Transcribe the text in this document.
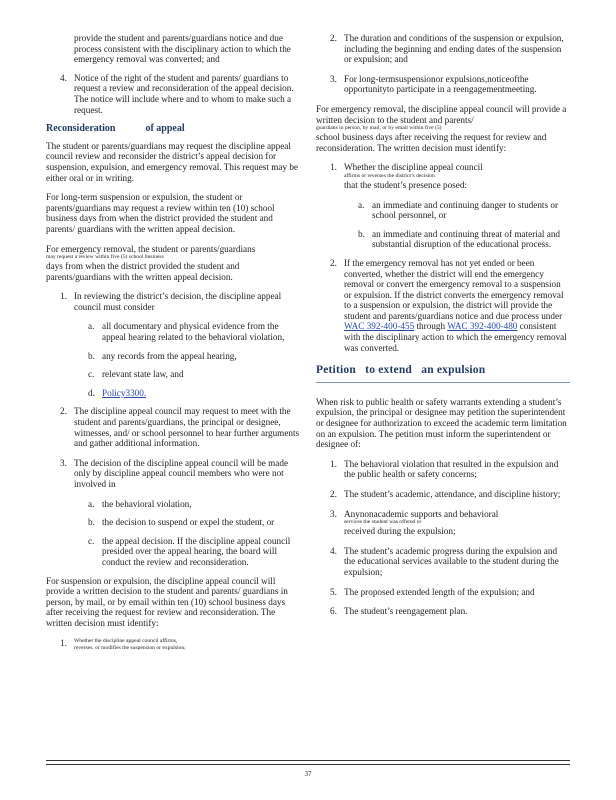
provide the student and parents/guardians notice and due process consistent with the disciplinary action to which the emergency removal was converted; and
4. Notice of the right of the student and parents/ guardians to request a review and reconsideration of the appeal decision. The notice will include where and to whom to make such a request.
Reconsideration	of appeal

The student or parents/guardians may request the discipline appeal council review and reconsider the district’s appeal decision for suspension, expulsion, and emergency removal. This request may be either oral or in writing.

For long-term suspension or expulsion, the student or parents/guardians may request a review within ten (10) school business days from when the district provided the student and parents/ guardians with the written appeal decision.

For emergency removal, the student or parents/guardians
may request a review within five (5) school business
days from when the district provided the student and parents/guardians with the written appeal decision.

1. In reviewing the district’s decision, the discipline appeal council must consider
a. all documentary and physical evidence from the appeal hearing related to the behavioral violation,
b. any records from the appeal hearing,
c. relevant state law, and
d. Policy3300.
2. The discipline appeal council may request to meet with the student and parents/guardians, the principal or designee, witnesses, and/ or school personnel to hear further arguments and gather additional information.
3. The decision of the discipline appeal council will be made only by discipline appeal council members who were not involved in
a. the behavioral violation,
b. the decision to suspend or expel the student, or
c. the appeal decision. If the discipline appeal council presided over the appeal hearing, the board will conduct the review and reconsideration.

For suspension or expulsion, the discipline appeal council will provide a written decision to the student and parents/ guardians in person, by mail, or by email within ten (10) school business days after receiving the request for review and reconsideration. The written decision must identify:

1. Whether the discipline appeal council affirms,
reverses, or modifies the suspension or expulsion;
2. The duration and conditions of the suspension or expulsion, including the beginning and ending dates of the suspension or expulsion; and
3. For long-termsuspensionor expulsions,noticeofthe opportunityto participate in a reengagementmeeting.

For emergency removal, the discipline appeal council will provide a written decision to the student and parents/
guardians in person, by mail, or by email within five (5)
school business days after receiving the request for review and reconsideration. The written decision must identify:

1. Whether the discipline appeal council
affirms or reverses the district’s decision
that the student’s presence posed:
a. an immediate and continuing danger to students or school personnel, or
b. an immediate and continuing threat of material and substantial disruption of the educational process.
2. If the emergency removal has not yet ended or been converted, whether the district will end the emergency removal or convert the emergency removal to a suspension or expulsion. If the district converts the emergency removal to a suspension or expulsion, the district will provide the student and parents/guardians notice and due process under WAC 392-400-455 through WAC 392-400-480 consistent with the disciplinary action to which the emergency removal was converted.
Petition to extend an expulsion

When risk to public health or safety warrants extending a student’s expulsion, the principal or designee may petition the superintendent or designee for authorization to exceed the academic term limitation on an expulsion. The petition must inform the superintendent or designee of:

1. The behavioral violation that resulted in the expulsion and the public health or safety concerns;
2. The student’s academic, attendance, and discipline history;
3. Anynonacademic supports and behavioral
services the student was offered or
received during the expulsion;
4. The student’s academic progress during the expulsion and the educational services available to the student during the expulsion;
5. The proposed extended length of the expulsion; and
6. The student’s reengagement plan.
37
